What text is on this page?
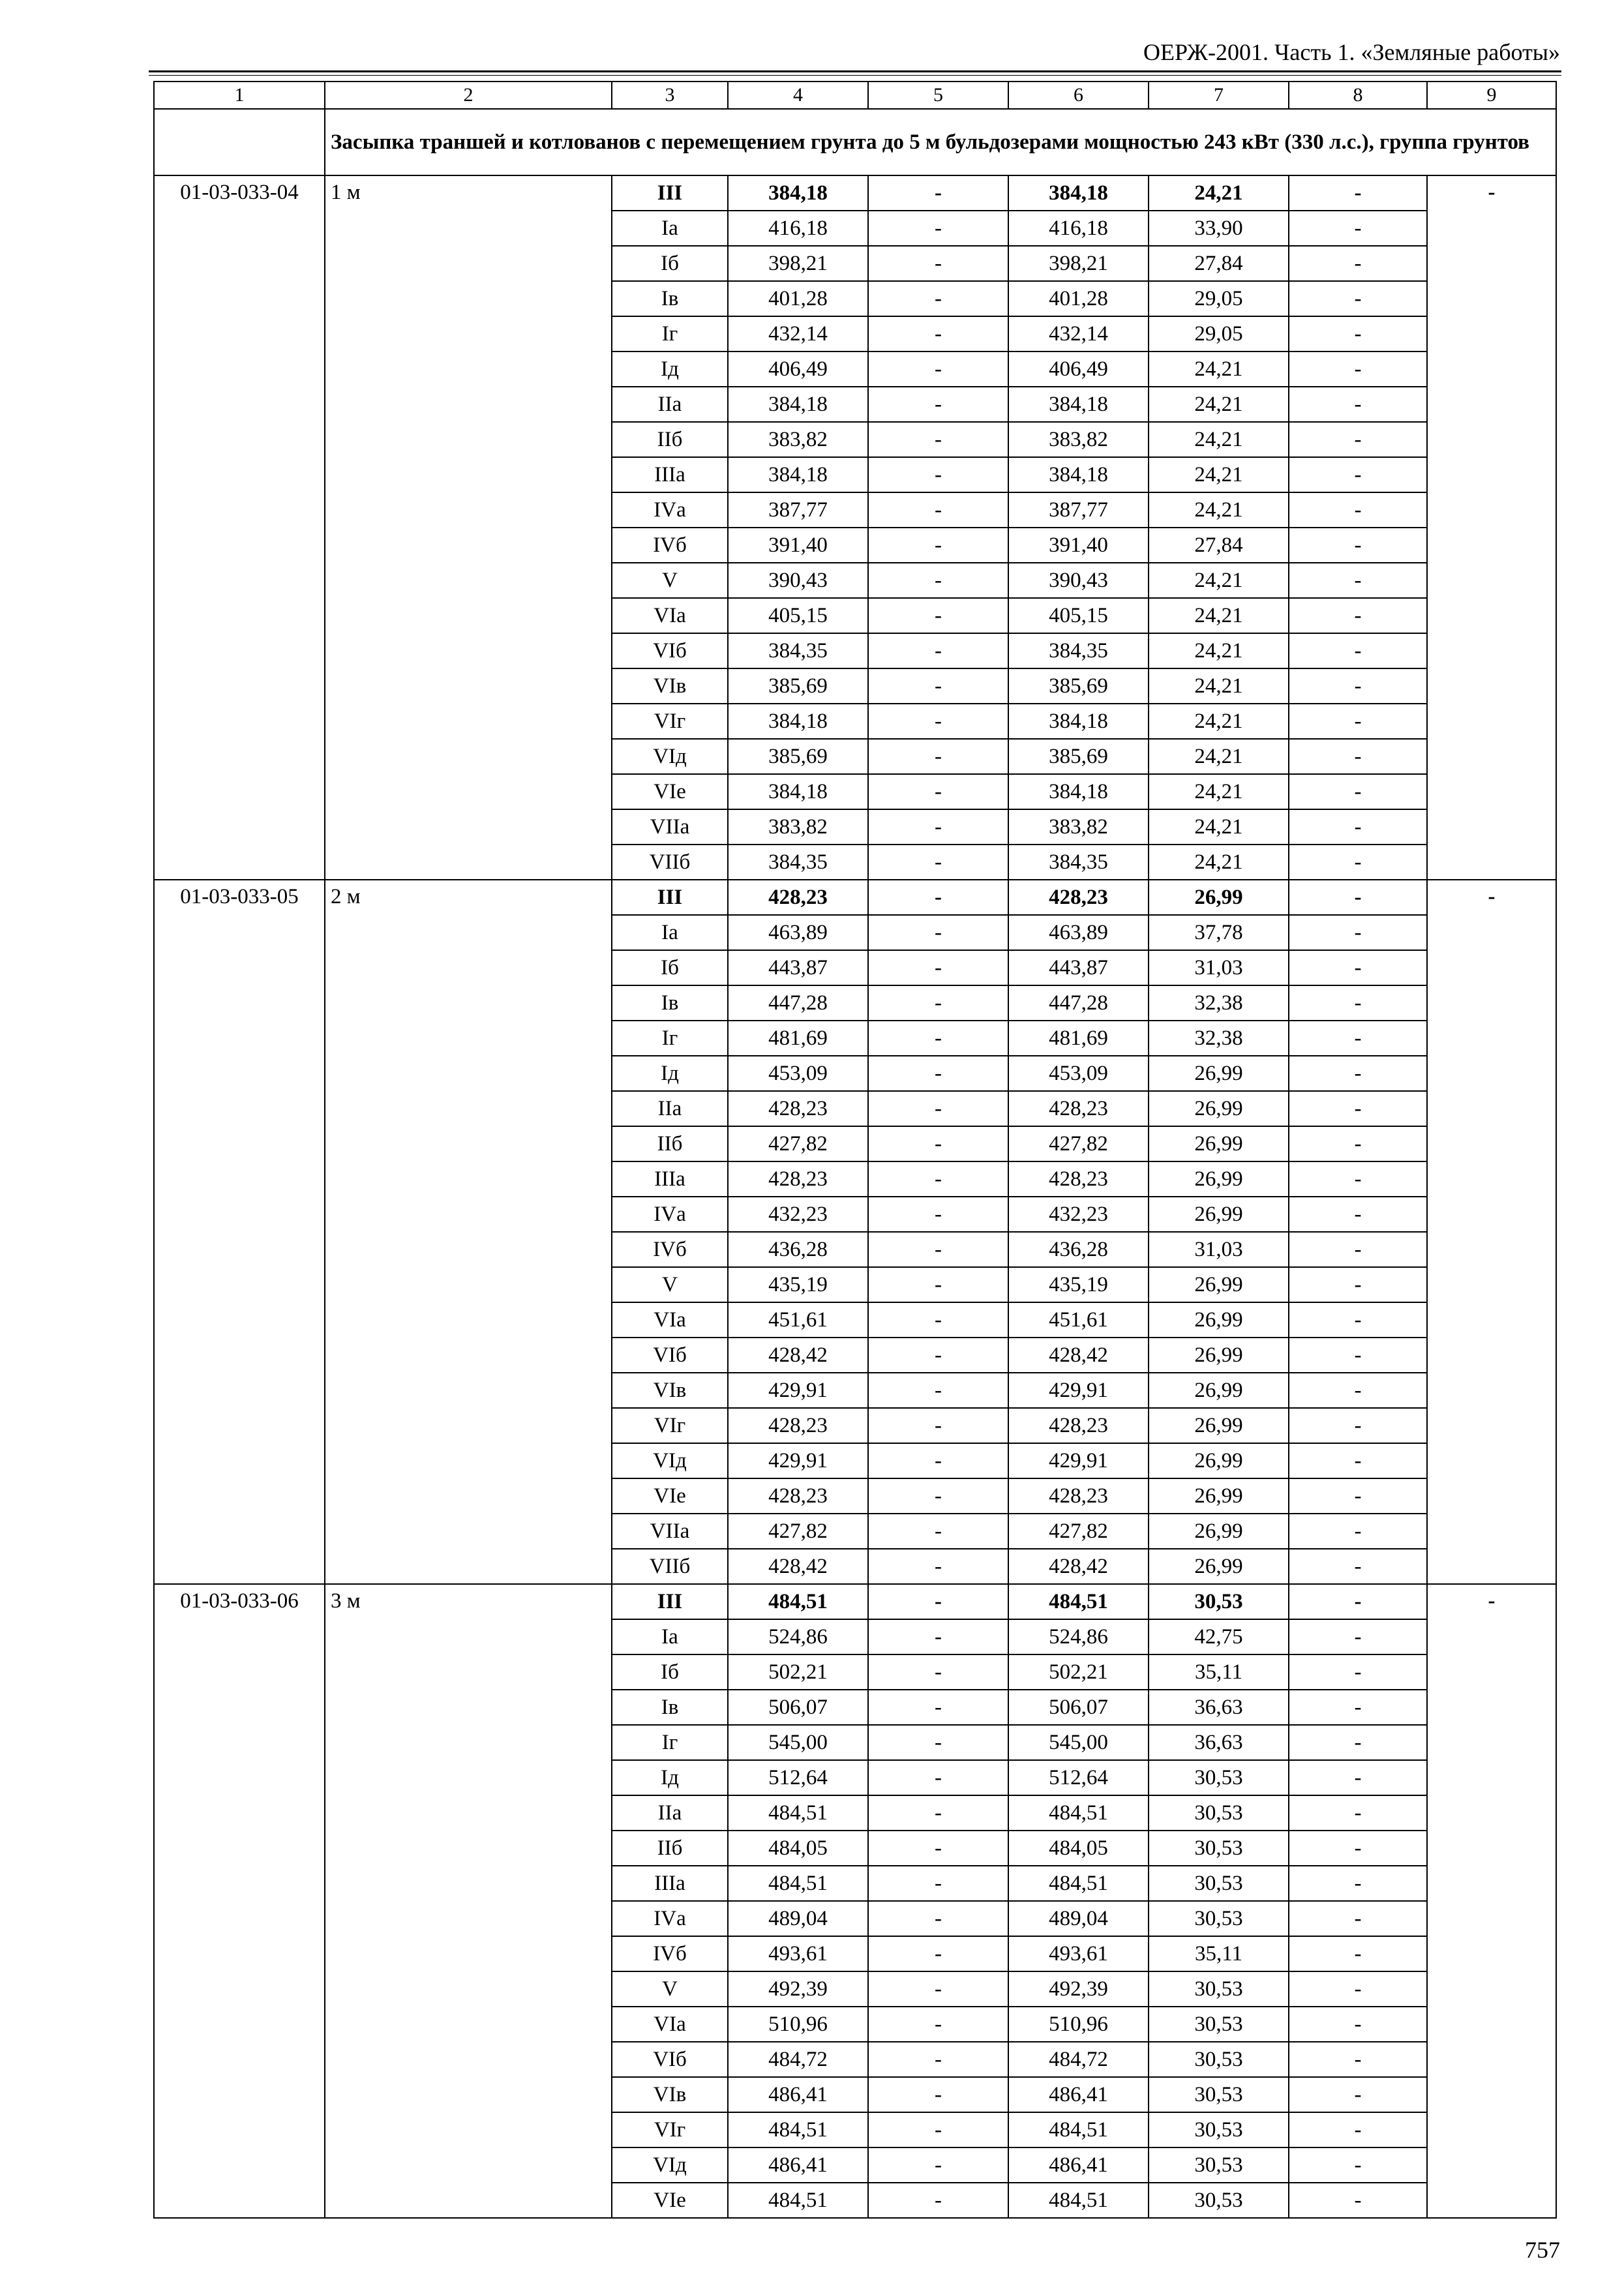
ОЕРЖ-2001. Часть 1. «Земляные работы»
1	2	3	4	5	6	7	8	9
	Засыпка траншей и котлованов с перемещением грунта до 5 м бульдозерами мощностью 243 кВт (330 л.с.), группа грунтов							
01-03-033-04	1 м	III	384,18	-	384,18	24,21	-	-
		Iа	416,18	-	416,18	33,90	-	
		Iб	398,21	-	398,21	27,84	-	
		Iв	401,28	-	401,28	29,05	-	
		Iг	432,14	-	432,14	29,05	-	
		Iд	406,49	-	406,49	24,21	-	
		IIа	384,18	-	384,18	24,21	-	
		IIб	383,82	-	383,82	24,21	-	
		IIIа	384,18	-	384,18	24,21	-	
		IVа	387,77	-	387,77	24,21	-	
		IVб	391,40	-	391,40	27,84	-	
		V	390,43	-	390,43	24,21	-	
		VIа	405,15	-	405,15	24,21	-	
		VIб	384,35	-	384,35	24,21	-	
		VIв	385,69	-	385,69	24,21	-	
		VIг	384,18	-	384,18	24,21	-	
		VIд	385,69	-	385,69	24,21	-	
		VIе	384,18	-	384,18	24,21	-	
		VIIа	383,82	-	383,82	24,21	-	
		VIIб	384,35	-	384,35	24,21	-	
01-03-033-05	2 м	III	428,23	-	428,23	26,99	-	-
		Iа	463,89	-	463,89	37,78	-	
		Iб	443,87	-	443,87	31,03	-	
		Iв	447,28	-	447,28	32,38	-	
		Iг	481,69	-	481,69	32,38	-	
		Iд	453,09	-	453,09	26,99	-	
		IIа	428,23	-	428,23	26,99	-	
		IIб	427,82	-	427,82	26,99	-	
		IIIа	428,23	-	428,23	26,99	-	
		IVа	432,23	-	432,23	26,99	-	
		IVб	436,28	-	436,28	31,03	-	
		V	435,19	-	435,19	26,99	-	
		VIа	451,61	-	451,61	26,99	-	
		VIб	428,42	-	428,42	26,99	-	
		VIв	429,91	-	429,91	26,99	-	
		VIг	428,23	-	428,23	26,99	-	
		VIд	429,91	-	429,91	26,99	-	
		VIе	428,23	-	428,23	26,99	-	
		VIIа	427,82	-	427,82	26,99	-	
		VIIб	428,42	-	428,42	26,99	-	
01-03-033-06	3 м	III	484,51	-	484,51	30,53	-	-
		Iа	524,86	-	524,86	42,75	-	
		Iб	502,21	-	502,21	35,11	-	
		Iв	506,07	-	506,07	36,63	-	
		Iг	545,00	-	545,00	36,63	-	
		Iд	512,64	-	512,64	30,53	-	
		IIа	484,51	-	484,51	30,53	-	
		IIб	484,05	-	484,05	30,53	-	
		IIIа	484,51	-	484,51	30,53	-	
		IVа	489,04	-	489,04	30,53	-	
		IVб	493,61	-	493,61	35,11	-	
		V	492,39	-	492,39	30,53	-	
		VIа	510,96	-	510,96	30,53	-	
		VIб	484,72	-	484,72	30,53	-	
		VIв	486,41	-	486,41	30,53	-	
		VIг	484,51	-	484,51	30,53	-	
		VIд	486,41	-	486,41	30,53	-	
		VIе	484,51	-	484,51	30,53	-	
757
